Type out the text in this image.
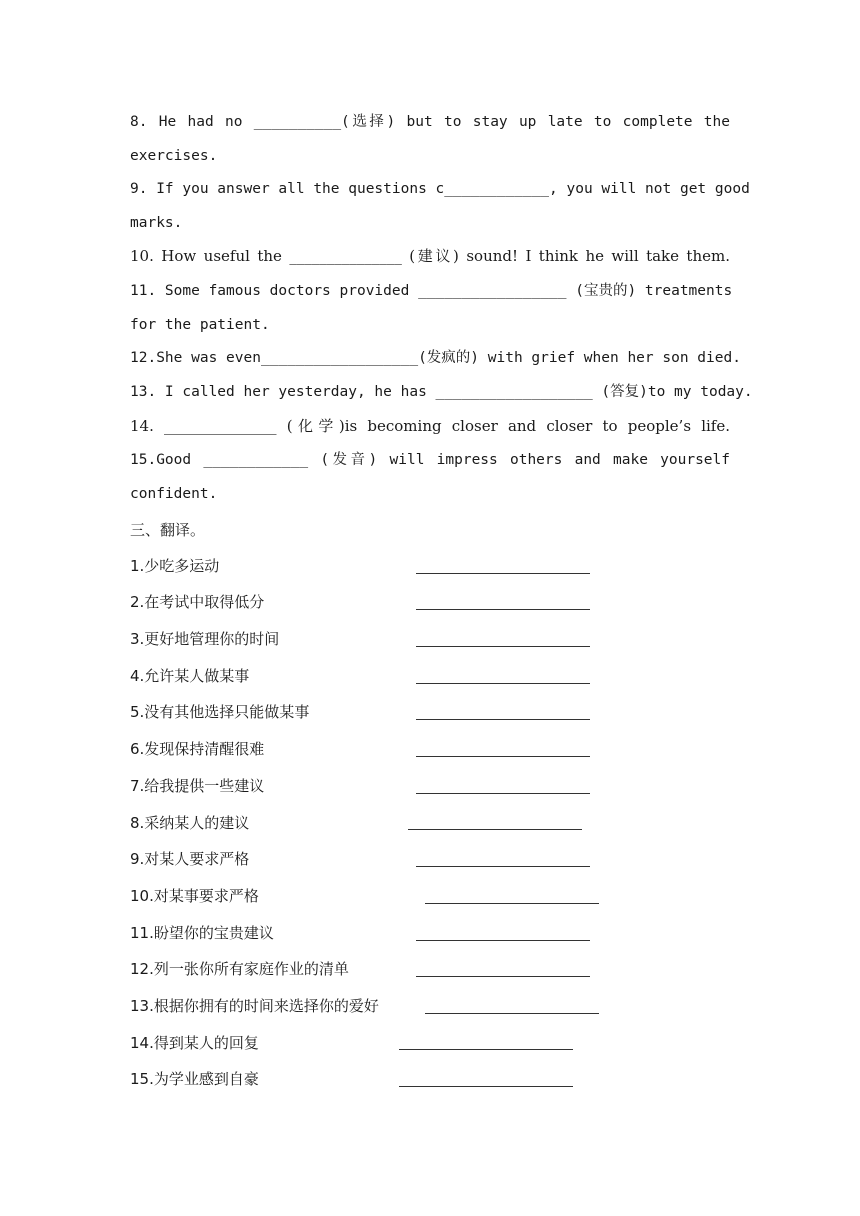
8. He had no __________(选择) but to stay up late to complete the
exercises.
9. If you answer all the questions c____________, you will not get good
marks.
10. How useful the _______________ (建议) sound! I think he will take them.
11. Some famous doctors provided _________________ (宝贵的) treatments
for the patient.
12.She was even__________________(发疯的) with grief when her son died.
13. I called her yesterday, he has __________________ (答复)to my today.
14. _______________ (化学)is becoming closer and closer to people’s life.
15.Good ____________ (发音) will impress others and make yourself
confident.
三、翻译。
1.少吃多运动
2.在考试中取得低分
3.更好地管理你的时间
4.允许某人做某事
5.没有其他选择只能做某事
6.发现保持清醒很难
7.给我提供一些建议
8.采纳某人的建议
9.对某人要求严格
10.对某事要求严格
11.盼望你的宝贵建议
12.列一张你所有家庭作业的清单
13.根据你拥有的时间来选择你的爱好
14.得到某人的回复
15.为学业感到自豪
